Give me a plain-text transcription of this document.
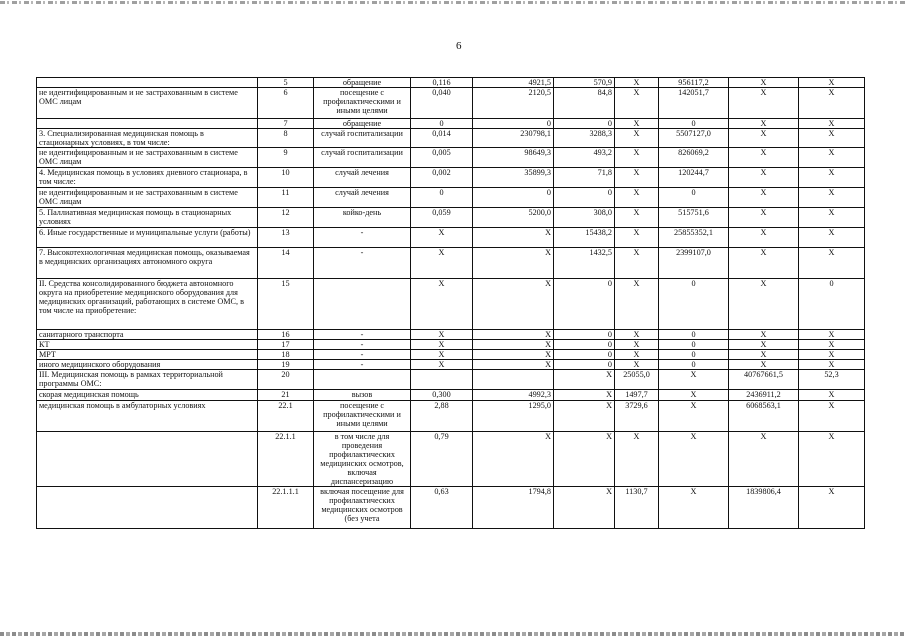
6
	5	обращение	0,116	4921,5	570,9	X	956117,2	X	X
не идентифицированным и не застрахованным в системе ОМС лицам	6	посещение с профилактическими и иными целями	0,040	2120,5	84,8	X	142051,7	X	X
	7	обращение	0	0	0	X	0	X	X
3. Специализированная медицинская помощь в стационарных условиях, в том числе:	8	случай госпитализации	0,014	230798,1	3288,3	X	5507127,0	X	X
не идентифицированным и не застрахованным в системе ОМС лицам	9	случай госпитализации	0,005	98649,3	493,2	X	826069,2	X	X
4. Медицинская помощь в условиях дневного стационара, в том числе:	10	случай лечения	0,002	35899,3	71,8	X	120244,7	X	X
не идентифицированным и не застрахованным в системе ОМС лицам	11	случай лечения	0	0	0	X	0	X	X
5. Паллиативная медицинская помощь в стационарных условиях	12	койко-день	0,059	5200,0	308,0	X	515751,6	X	X
6. Иные государственные и муниципальные услуги (работы)	13	-	X	X	15438,2	X	25855352,1	X	X
7. Высокотехнологичная медицинская помощь, оказываемая в медицинских организациях автономного округа	14	-	X	X	1432,5	X	2399107,0	X	X
II. Средства консолидированного бюджета автономного округа на приобретение медицинского оборудования для медицинских организаций, работающих в системе ОМС, в том числе на приобретение:	15		X	X	0	X	0	X	0
санитарного транспорта	16	-	X	X	0	X	0	X	X
КТ	17	-	X	X	0	X	0	X	X
МРТ	18	-	X	X	0	X	0	X	X
иного медицинского оборудования	19	-	X	X	0	X	0	X	X
III. Медицинская помощь в рамках территориальной программы ОМС:	20				X	25055,0	X	40767661,5	52,3
скорая медицинская помощь	21	вызов	0,300	4992,3	X	1497,7	X	2436911,2	X
медицинская помощь в амбулаторных условиях	22.1	посещение с профилактическими и иными целями	2,88	1295,0	X	3729,6	X	6068563,1	X
	22.1.1	в том числе для проведения профилактических медицинских осмотров, включая диспансеризацию	0,79	X	X	X	X	X	X
	22.1.1.1	включая посещение для профилактических медицинских осмотров (без учета	0,63	1794,8	X	1130,7	X	1839806,4	X
